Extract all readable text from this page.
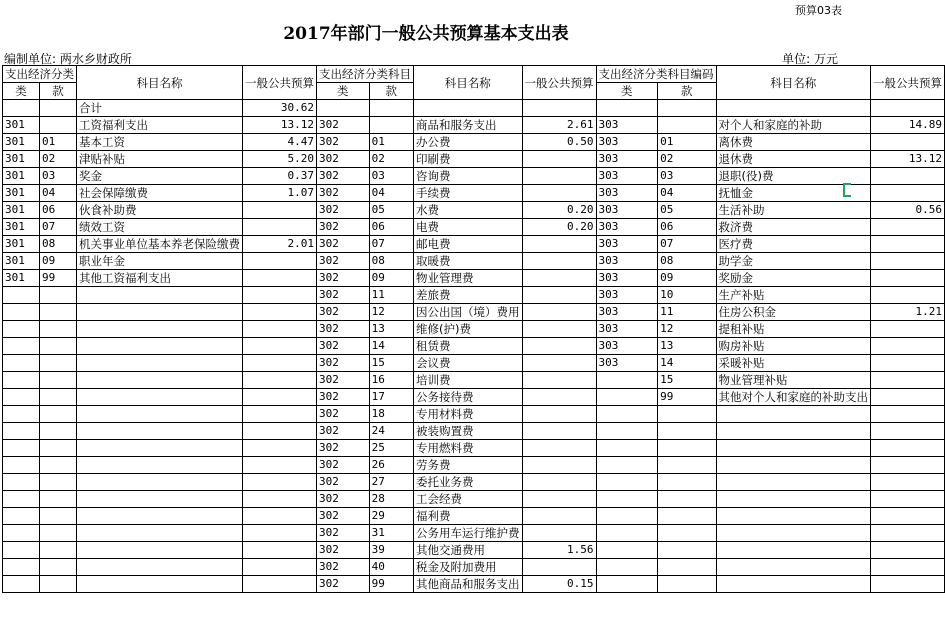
预算03表
2017年部门一般公共预算基本支出表
编制单位: 两水乡财政所	单位: 万元
支出经济分类		科目名称	一般公共预算	支出经济分类科目		科目名称	一般公共预算	支出经济分类科目编码		科目名称	一般公共预算
类	款			类	款			类	款		
		合计	30.62								
301		工资福利支出	13.12	302		商品和服务支出	2.61	303		对个人和家庭的补助	14.89
301	01	基本工资	4.47	302	01	办公费	0.50	303	01	离休费	
301	02	津贴补贴	5.20	302	02	印刷费		303	02	退休费	13.12
301	03	奖金	0.37	302	03	咨询费		303	03	退职(役)费	
301	04	社会保障缴费	1.07	302	04	手续费		303	04	抚恤金	
301	06	伙食补助费		302	05	水费	0.20	303	05	生活补助	0.56
301	07	绩效工资		302	06	电费	0.20	303	06	救济费	
301	08	机关事业单位基本养老保险缴费	2.01	302	07	邮电费		303	07	医疗费	
301	09	职业年金		302	08	取暖费		303	08	助学金	
301	99	其他工资福利支出		302	09	物业管理费		303	09	奖励金	
				302	11	差旅费		303	10	生产补贴	
				302	12	因公出国（境）费用		303	11	住房公积金	1.21
				302	13	维修(护)费		303	12	提租补贴	
				302	14	租赁费		303	13	购房补贴	
				302	15	会议费		303	14	采暖补贴	
				302	16	培训费			15	物业管理补贴	
				302	17	公务接待费			99	其他对个人和家庭的补助支出	
				302	18	专用材料费					
				302	24	被装购置费					
				302	25	专用燃料费					
				302	26	劳务费					
				302	27	委托业务费					
				302	28	工会经费					
				302	29	福利费					
				302	31	公务用车运行维护费					
				302	39	其他交通费用	1.56				
				302	40	税金及附加费用					
				302	99	其他商品和服务支出	0.15				
